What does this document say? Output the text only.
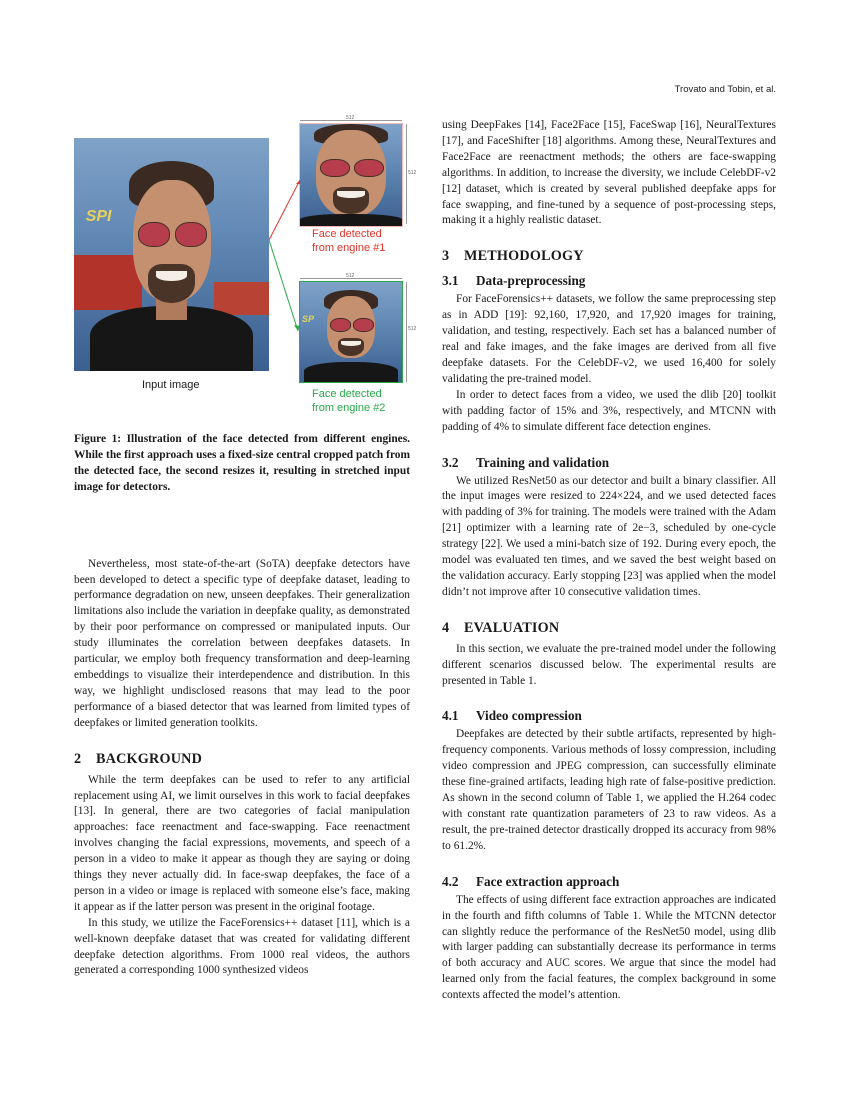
Trovato and Tobin, et al.
SPI
Input image
512
512
Face detected
from engine #1
512
512
SP
Face detected
from engine #2
Figure 1: Illustration of the face detected from different engines. While the first approach uses a fixed-size central cropped patch from the detected face, the second resizes it, resulting in stretched input image for detectors.

Nevertheless, most state-of-the-art (SoTA) deepfake detectors have been developed to detect a specific type of deepfake dataset, leading to performance degradation on new, unseen deepfakes. Their generalization limitations also include the variation in deepfake quality, as demonstrated by their poor performance on compressed or manipulated inputs. Our study illuminates the correlation between deepfakes datasets. In particular, we employ both frequency transformation and deep-learning embeddings to visualize their interdependence and distribution. In this way, we highlight undisclosed reasons that may lead to the poor performance of a biased detector that was learned from limited types of deepfakes or limited generation toolkits.

2 BACKGROUND

While the term deepfakes can be used to refer to any artificial replacement using AI, we limit ourselves in this work to facial deepfakes [13]. In general, there are two categories of facial manipulation approaches: face reenactment and face-swapping. Face reenactment involves changing the facial expressions, movements, and speech of a person in a video to make it appear as though they are saying or doing things they never actually did. In face-swap deepfakes, the face of a person in a video or image is replaced with someone else’s face, making it appear as if the latter person was present in the original footage.

In this study, we utilize the FaceForensics++ dataset [11], which is a well-known deepfake dataset that was created for validating different deepfake detection algorithms. From 1000 real videos, the authors generated a corresponding 1000 synthesized videos

using DeepFakes [14], Face2Face [15], FaceSwap [16], NeuralTextures [17], and FaceShifter [18] algorithms. Among these, NeuralTextures and Face2Face are reenactment methods; the others are face-swapping algorithms. In addition, to increase the diversity, we include CelebDF-v2 [12] dataset, which is created by several published deepfake apps for face swapping, and fine-tuned by a sequence of post-processing steps, making it a highly realistic dataset.

3 METHODOLOGY
3.1 Data-preprocessing

For FaceForensics++ datasets, we follow the same preprocessing step as in ADD [19]: 92,160, 17,920, and 17,920 images for training, validation, and testing, respectively. Each set has a balanced number of real and fake images, and the fake images are derived from all five deepfake datasets. For the CelebDF-v2, we used 16,400 for solely validating the pre-trained model.

In order to detect faces from a video, we used the dlib [20] toolkit with padding factor of 15% and 3%, respectively, and MTCNN with padding of 4% to simulate different face detection engines.

3.2 Training and validation

We utilized ResNet50 as our detector and built a binary classifier. All the input images were resized to 224×224, and we used detected faces with padding of 3% for training. The models were trained with the Adam [21] optimizer with a learning rate of 2e−3, scheduled by one-cycle strategy [22]. We used a mini-batch size of 192. During every epoch, the model was evaluated ten times, and we saved the best weight based on the validation accuracy. Early stopping [23] was applied when the model didn’t not improve after 10 consecutive validation times.

4 EVALUATION

In this section, we evaluate the pre-trained model under the following different scenarios discussed below. The experimental results are presented in Table 1.

4.1 Video compression

Deepfakes are detected by their subtle artifacts, represented by high-frequency components. Various methods of lossy compression, including video compression and JPEG compression, can successfully eliminate these fine-grained artifacts, leading high rate of false-positive prediction. As shown in the second column of Table 1, we applied the H.264 codec with constant rate quantization parameters of 23 to raw videos. As a result, the pre-trained detector drastically dropped its accuracy from 98% to 61.2%.

4.2 Face extraction approach

The effects of using different face extraction approaches are indicated in the fourth and fifth columns of Table 1. While the MTCNN detector can slightly reduce the performance of the ResNet50 model, using dlib with larger padding can substantially decrease its performance in terms of both accuracy and AUC scores. We argue that since the model had learned only from the facial features, the complex background in some contexts affected the model’s attention.
